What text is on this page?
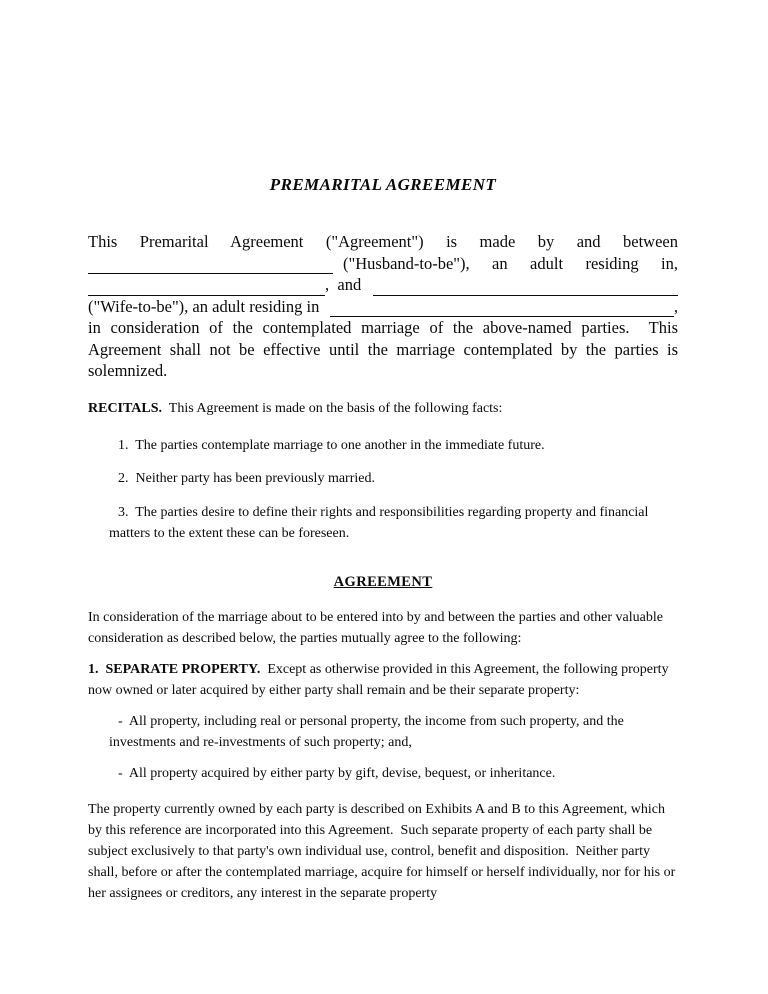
PREMARITAL AGREEMENT
This Premarital Agreement ("Agreement") is made by and between
("Husband-to-be"), an adult residing in,
,  and
("Wife-to-be"), an adult residing in	,
in consideration of the contemplated marriage of the above-named parties.  This
Agreement shall not be effective until the marriage contemplated by the parties is
solemnized.

RECITALS.  This Agreement is made on the basis of the following facts:

1.  The parties contemplate marriage to one another in the immediate future.

2.  Neither party has been previously married.

3.  The parties desire to define their rights and responsibilities regarding property and financial matters to the extent these can be foreseen.

AGREEMENT

In consideration of the marriage about to be entered into by and between the parties and other valuable consideration as described below, the parties mutually agree to the following:

1.  SEPARATE PROPERTY.  Except as otherwise provided in this Agreement, the following property now owned or later acquired by either party shall remain and be their separate property:

-  All property, including real or personal property, the income from such property, and the investments and re-investments of such property; and,

-  All property acquired by either party by gift, devise, bequest, or inheritance.

The property currently owned by each party is described on Exhibits A and B to this Agreement, which by this reference are incorporated into this Agreement.  Such separate property of each party shall be subject exclusively to that party's own individual use, control, benefit and disposition.  Neither party shall, before or after the contemplated marriage, acquire for himself or herself individually, nor for his or her assignees or creditors, any interest in the separate property
